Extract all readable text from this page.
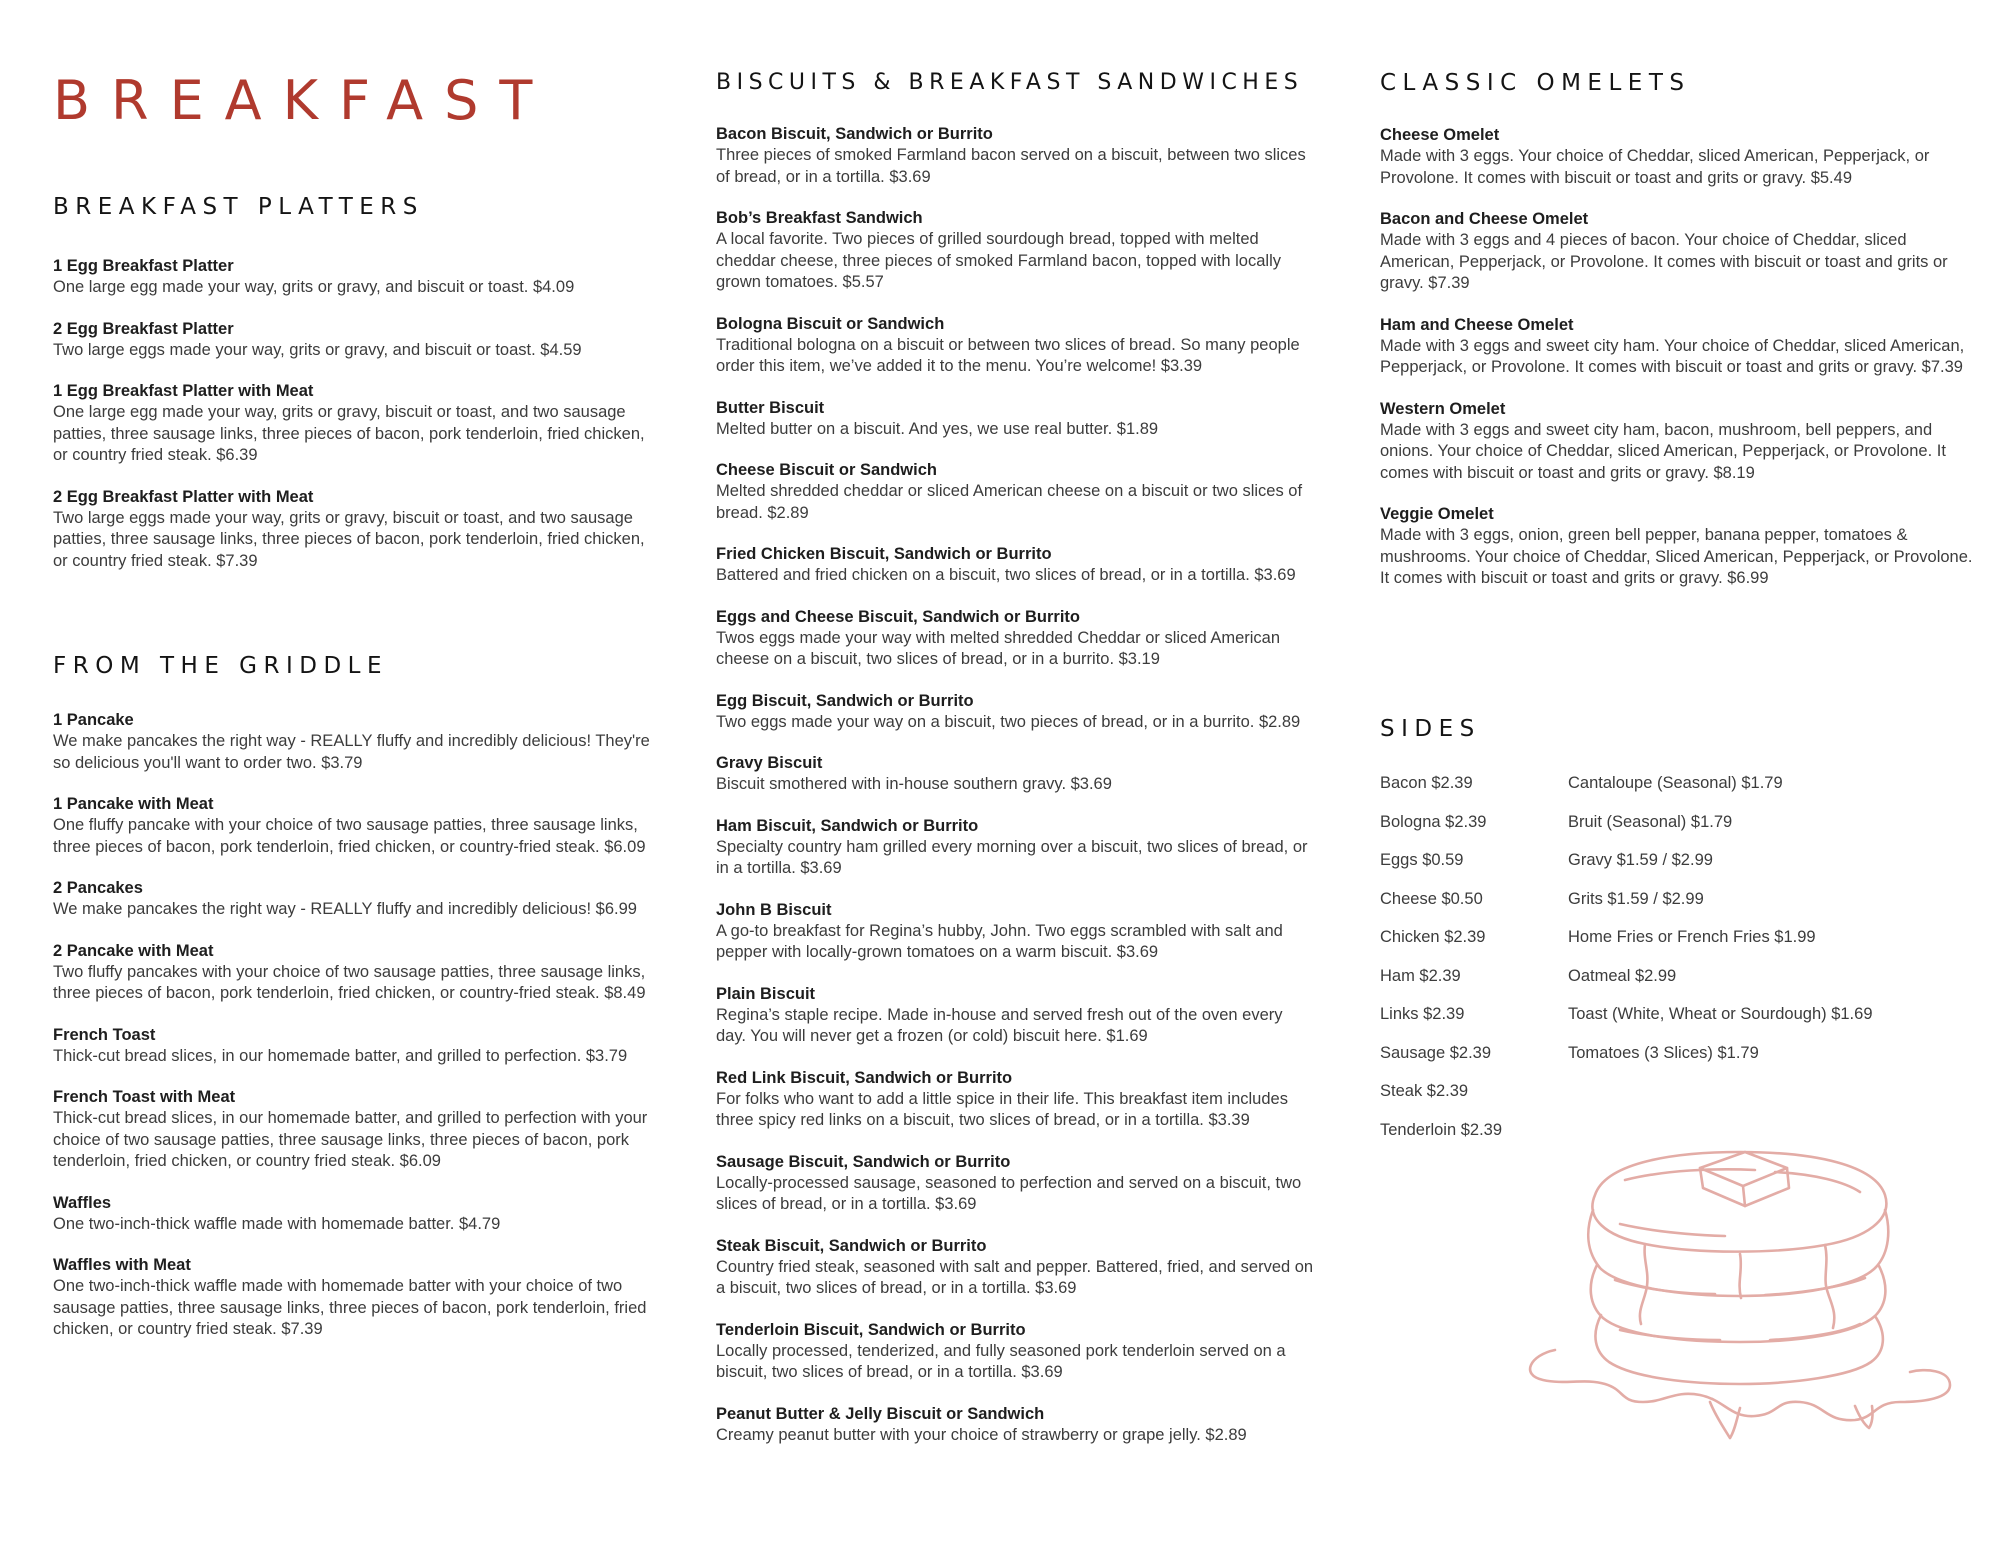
BREAKFAST
BREAKFAST PLATTERS
1 Egg Breakfast Platter
One large egg made your way, grits or gravy, and biscuit or toast. $4.09
2 Egg Breakfast Platter
Two large eggs made your way, grits or gravy, and biscuit or toast. $4.59
1 Egg Breakfast Platter with Meat
One large egg made your way, grits or gravy, biscuit or toast, and two sausage patties, three sausage links, three pieces of bacon, pork tenderloin, fried chicken, or country fried steak. $6.39
2 Egg Breakfast Platter with Meat
Two large eggs made your way, grits or gravy, biscuit or toast, and two sausage patties, three sausage links, three pieces of bacon, pork tenderloin, fried chicken, or country fried steak. $7.39
FROM THE GRIDDLE
1 Pancake
We make pancakes the right way - REALLY fluffy and incredibly delicious! They're so delicious you'll want to order two. $3.79
1 Pancake with Meat
One fluffy pancake with your choice of two sausage patties, three sausage links, three pieces of bacon, pork tenderloin, fried chicken, or country-fried steak. $6.09
2 Pancakes
We make pancakes the right way - REALLY fluffy and incredibly delicious! $6.99
2 Pancake with Meat
Two fluffy pancakes with your choice of two sausage patties, three sausage links, three pieces of bacon, pork tenderloin, fried chicken, or country-fried steak. $8.49
French Toast
Thick-cut bread slices, in our homemade batter, and grilled to perfection. $3.79
French Toast with Meat
Thick-cut bread slices, in our homemade batter, and grilled to perfection with your choice of two sausage patties, three sausage links, three pieces of bacon, pork tenderloin, fried chicken, or country fried steak. $6.09
Waffles
One two-inch-thick waffle made with homemade batter. $4.79
Waffles with Meat
One two-inch-thick waffle made with homemade batter with your choice of two sausage patties, three sausage links, three pieces of bacon, pork tenderloin, fried chicken, or country fried steak. $7.39
BISCUITS & BREAKFAST SANDWICHES
Bacon Biscuit, Sandwich or Burrito
Three pieces of smoked Farmland bacon served on a biscuit, between two slices of bread, or in a tortilla. $3.69
Bob’s Breakfast Sandwich
A local favorite. Two pieces of grilled sourdough bread, topped with melted cheddar cheese, three pieces of smoked Farmland bacon, topped with locally grown tomatoes. $5.57
Bologna Biscuit or Sandwich
Traditional bologna on a biscuit or between two slices of bread. So many people order this item, we’ve added it to the menu. You’re welcome! $3.39
Butter Biscuit
Melted butter on a biscuit. And yes, we use real butter. $1.89
Cheese Biscuit or Sandwich
Melted shredded cheddar or sliced American cheese on a biscuit or two slices of bread. $2.89
Fried Chicken Biscuit, Sandwich or Burrito
Battered and fried chicken on a biscuit, two slices of bread, or in a tortilla. $3.69
Eggs and Cheese Biscuit, Sandwich or Burrito
Twos eggs made your way with melted shredded Cheddar or sliced American cheese on a biscuit, two slices of bread, or in a burrito. $3.19
Egg Biscuit, Sandwich or Burrito
Two eggs made your way on a biscuit, two pieces of bread, or in a burrito. $2.89
Gravy Biscuit
Biscuit smothered with in-house southern gravy. $3.69
Ham Biscuit, Sandwich or Burrito
Specialty country ham grilled every morning over a biscuit, two slices of bread, or in a tortilla. $3.69
John B Biscuit
A go-to breakfast for Regina’s hubby, John. Two eggs scrambled with salt and pepper with locally-grown tomatoes on a warm biscuit. $3.69
Plain Biscuit
Regina’s staple recipe. Made in-house and served fresh out of the oven every day. You will never get a frozen (or cold) biscuit here. $1.69
Red Link Biscuit, Sandwich or Burrito
For folks who want to add a little spice in their life. This breakfast item includes three spicy red links on a biscuit, two slices of bread, or in a tortilla. $3.39
Sausage Biscuit, Sandwich or Burrito
Locally-processed sausage, seasoned to perfection and served on a biscuit, two slices of bread, or in a tortilla. $3.69
Steak Biscuit, Sandwich or Burrito
Country fried steak, seasoned with salt and pepper. Battered, fried, and served on a biscuit, two slices of bread, or in a tortilla. $3.69
Tenderloin Biscuit, Sandwich or Burrito
Locally processed, tenderized, and fully seasoned pork tenderloin served on a biscuit, two slices of bread, or in a tortilla. $3.69
Peanut Butter & Jelly Biscuit or Sandwich
Creamy peanut butter with your choice of strawberry or grape jelly. $2.89
CLASSIC OMELETS
Cheese Omelet
Made with 3 eggs. Your choice of Cheddar, sliced American, Pepperjack, or Provolone. It comes with biscuit or toast and grits or gravy. $5.49
Bacon and Cheese Omelet
Made with 3 eggs and 4 pieces of bacon. Your choice of Cheddar, sliced American, Pepperjack, or Provolone. It comes with biscuit or toast and grits or gravy. $7.39
Ham and Cheese Omelet
Made with 3 eggs and sweet city ham. Your choice of Cheddar, sliced American, Pepperjack, or Provolone. It comes with biscuit or toast and grits or gravy. $7.39
Western Omelet
Made with 3 eggs and sweet city ham, bacon, mushroom, bell peppers, and onions. Your choice of Cheddar, sliced American, Pepperjack, or Provolone. It comes with biscuit or toast and grits or gravy. $8.19
Veggie Omelet
Made with 3 eggs, onion, green bell pepper, banana pepper, tomatoes & mushrooms. Your choice of Cheddar, Sliced American, Pepperjack, or Provolone. It comes with biscuit or toast and grits or gravy. $6.99
SIDES
Bacon $2.39
Bologna $2.39
Eggs $0.59
Cheese $0.50
Chicken $2.39
Ham $2.39
Links $2.39
Sausage $2.39
Steak $2.39
Tenderloin $2.39
Cantaloupe (Seasonal) $1.79
Bruit (Seasonal) $1.79
Gravy $1.59 / $2.99
Grits $1.59 / $2.99
Home Fries or French Fries $1.99
Oatmeal $2.99
Toast (White, Wheat or Sourdough) $1.69
Tomatoes (3 Slices) $1.79
